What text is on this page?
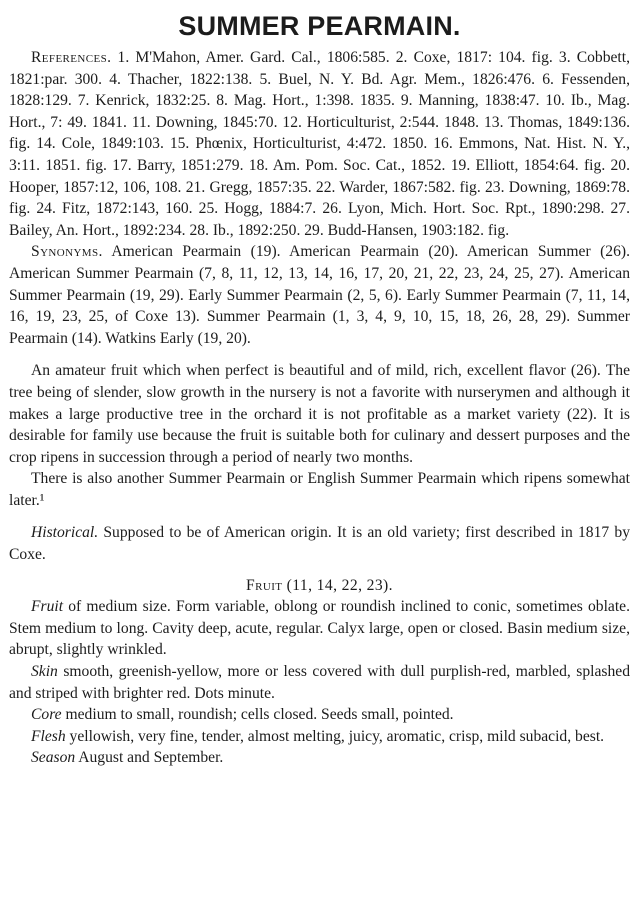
SUMMER PEARMAIN.

References. 1. M'Mahon, Amer. Gard. Cal., 1806:585. 2. Coxe, 1817: 104. fig. 3. Cobbett, 1821:par. 300. 4. Thacher, 1822:138. 5. Buel, N. Y. Bd. Agr. Mem., 1826:476. 6. Fessenden, 1828:129. 7. Kenrick, 1832:25. 8. Mag. Hort., 1:398. 1835. 9. Manning, 1838:47. 10. Ib., Mag. Hort., 7: 49. 1841. 11. Downing, 1845:70. 12. Horticulturist, 2:544. 1848. 13. Thomas, 1849:136. fig. 14. Cole, 1849:103. 15. Phœnix, Horticulturist, 4:472. 1850. 16. Emmons, Nat. Hist. N. Y., 3:11. 1851. fig. 17. Barry, 1851:279. 18. Am. Pom. Soc. Cat., 1852. 19. Elliott, 1854:64. fig. 20. Hooper, 1857:12, 106, 108. 21. Gregg, 1857:35. 22. Warder, 1867:582. fig. 23. Downing, 1869:78. fig. 24. Fitz, 1872:143, 160. 25. Hogg, 1884:7. 26. Lyon, Mich. Hort. Soc. Rpt., 1890:298. 27. Bailey, An. Hort., 1892:234. 28. Ib., 1892:250. 29. Budd-Hansen, 1903:182. fig.

Synonyms. American Pearmain (19). American Pearmain (20). American Summer (26). American Summer Pearmain (7, 8, 11, 12, 13, 14, 16, 17, 20, 21, 22, 23, 24, 25, 27). American Summer Pearmain (19, 29). Early Summer Pearmain (2, 5, 6). Early Summer Pearmain (7, 11, 14, 16, 19, 23, 25, of Coxe 13). Summer Pearmain (1, 3, 4, 9, 10, 15, 18, 26, 28, 29). Summer Pearmain (14). Watkins Early (19, 20).

An amateur fruit which when perfect is beautiful and of mild, rich, excellent flavor (26). The tree being of slender, slow growth in the nursery is not a favorite with nurserymen and although it makes a large productive tree in the orchard it is not profitable as a market variety (22). It is desirable for family use because the fruit is suitable both for culinary and dessert purposes and the crop ripens in succession through a period of nearly two months.

There is also another Summer Pearmain or English Summer Pearmain which ripens somewhat later.¹

Historical. Supposed to be of American origin. It is an old variety; first described in 1817 by Coxe.

Fruit (11, 14, 22, 23).

Fruit of medium size. Form variable, oblong or roundish inclined to conic, sometimes oblate. Stem medium to long. Cavity deep, acute, regular. Calyx large, open or closed. Basin medium size, abrupt, slightly wrinkled.

Skin smooth, greenish-yellow, more or less covered with dull purplish-red, marbled, splashed and striped with brighter red. Dots minute.

Core medium to small, roundish; cells closed. Seeds small, pointed.

Flesh yellowish, very fine, tender, almost melting, juicy, aromatic, crisp, mild subacid, best.

Season August and September.
